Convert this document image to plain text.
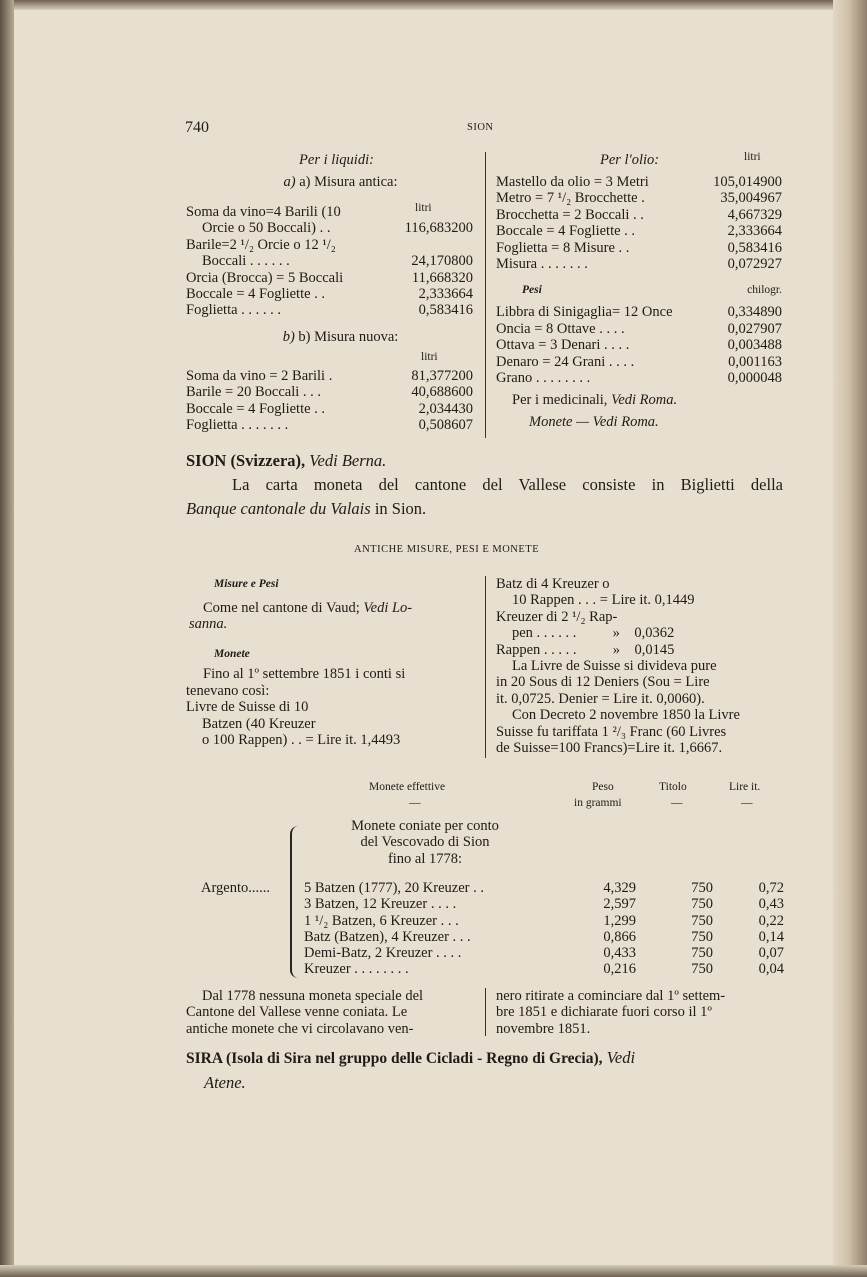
740	SION
Per i liquidi:
a) a) Misura antica:
litri
Soma da vino=4 Barili (10
Orcie o 50 Boccali) . .	116,683200
Barile=2 ¹/₂ Orcie o 12 ¹/₂
Boccali . . . . . .	24,170800
Orcia (Brocca) = 5 Boccali	11,668320
Boccale = 4 Fogliette . .	2,333664
Foglietta . . . . . .	0,583416
b) b) Misura nuova:
litri
Soma da vino = 2 Barili .	81,377200
Barile = 20 Boccali . . .	40,688600
Boccale = 4 Fogliette . .	2,034430
Foglietta . . . . . . .	0,508607
Per l'olio:	litri
Mastello da olio = 3 Metri	105,014900
Metro = 7 ¹/₂ Brocchette .	35,004967
Brocchetta = 2 Boccali . .	4,667329
Boccale = 4 Fogliette . .	2,333664
Foglietta = 8 Misure . .	0,583416
Misura . . . . . . .	0,072927
Pesi	chilogr.
Libbra di Sinigaglia= 12 Once	0,334890
Oncia = 8 Ottave . . . .	0,027907
Ottava = 3 Denari . . . .	0,003488
Denaro = 24 Grani . . . .	0,001163
Grano . . . . . . . .	0,000048
Per i medicinali, Vedi Roma.
Monete — Vedi Roma.
SION (Svizzera), Vedi Berna.
La carta moneta del cantone del Vallese consiste in Biglietti della
Banque cantonale du Valais in Sion.
ANTICHE MISURE, PESI E MONETE
Misure e Pesi
Come nel cantone di Vaud; Vedi Lo-
sanna.
Monete
Fino al 1º settembre 1851 i conti si
tenevano così:
Livre de Suisse di 10
Batzen (40 Kreuzer
o 100 Rappen) . . = Lire it. 1,4493
Batz di 4 Kreuzer o
10 Rappen . . . = Lire it. 0,1449
Kreuzer di 2 ¹/₂ Rap-
pen . . . . . .          »    0,0362
Rappen . . . . .          »    0,0145
La Livre de Suisse si divideva pure
in 20 Sous di 12 Deniers (Sou = Lire
it. 0,0725. Denier = Lire it. 0,0060).
Con Decreto 2 novembre 1850 la Livre
Suisse fu tariffata 1 ²/₃ Franc (60 Livres
de Suisse=100 Francs)=Lire it. 1,6667.
Monete effettive	Peso
in grammi
Titolo	Lire it.
—	—	—
Monete coniate per conto
del Vescovado di Sion
fino al 1778:
Argento...... 5 Batzen (1777), 20 Kreuzer . .	4,329	750	0,72
3 Batzen, 12 Kreuzer . . . .	2,597	750	0,43
1 ¹/₂ Batzen, 6 Kreuzer . . .	1,299	750	0,22
Batz (Batzen), 4 Kreuzer . . .	0,866	750	0,14
Demi-Batz, 2 Kreuzer . . . .	0,433	750	0,07
Kreuzer . . . . . . . .	0,216	750	0,04
Dal 1778 nessuna moneta speciale del
Cantone del Vallese venne coniata. Le
antiche monete che vi circolavano ven-
nero ritirate a cominciare dal 1º settem-
bre 1851 e dichiarate fuori corso il 1º
novembre 1851.
SIRA (Isola di Sira nel gruppo delle Cicladi - Regno di Grecia), Vedi
Atene.
